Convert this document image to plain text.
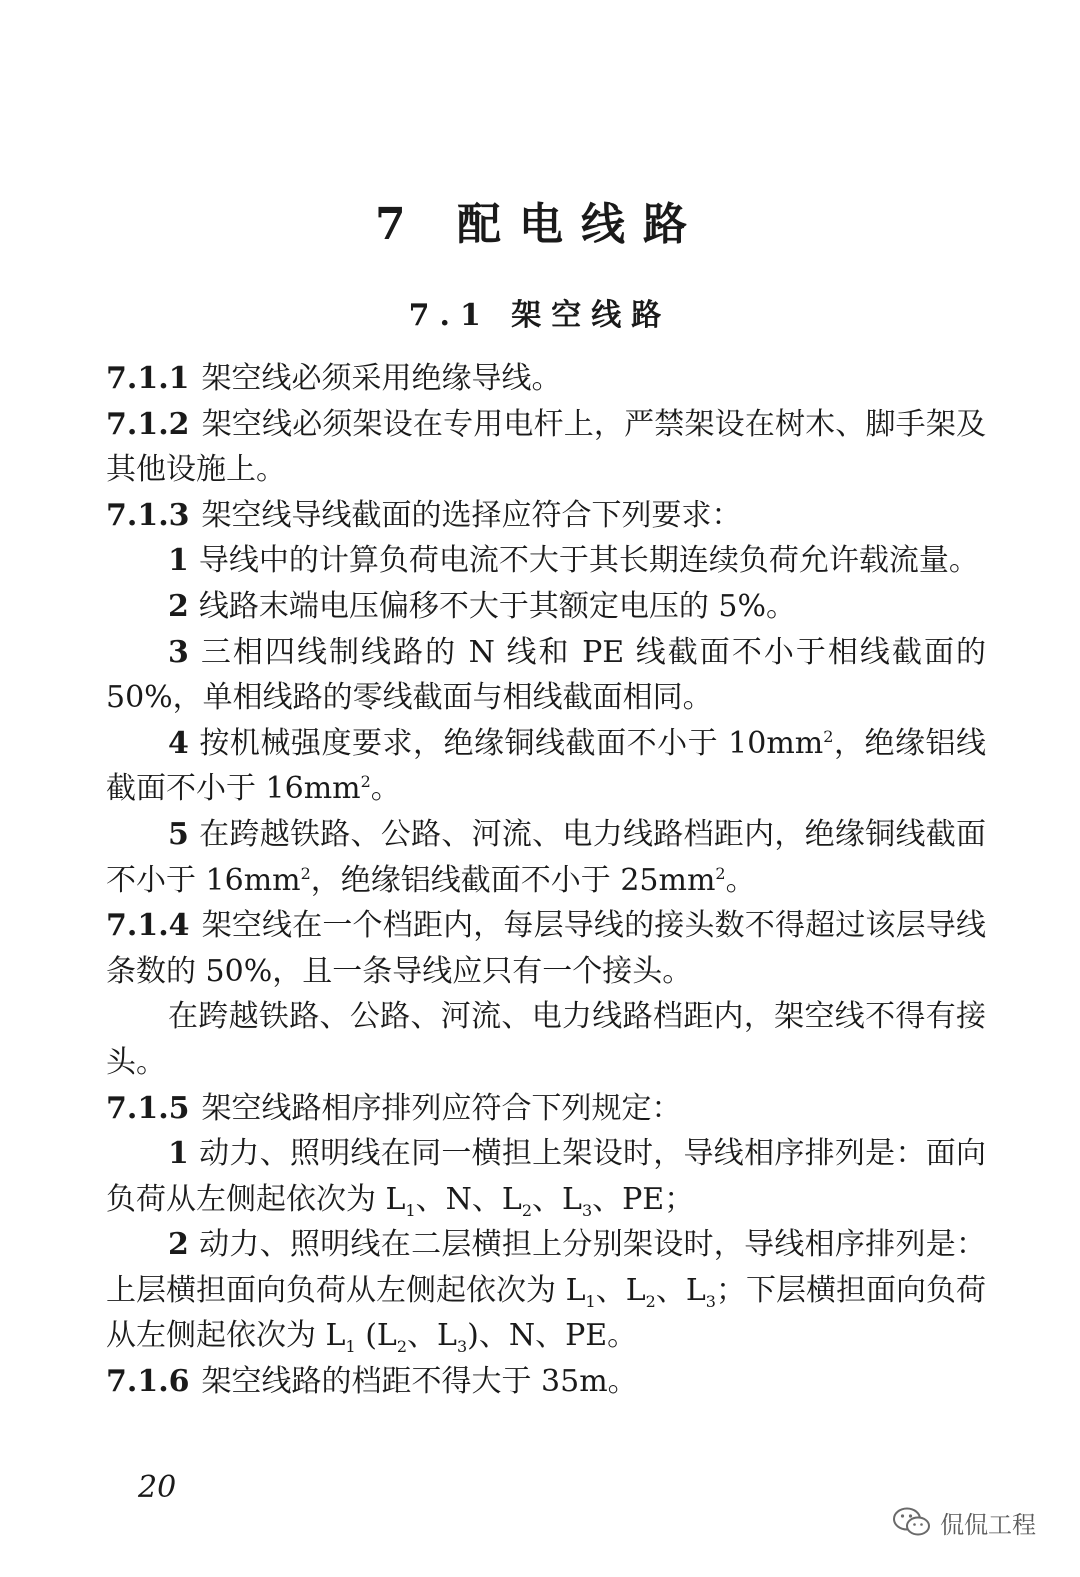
7 配电线路
7.1 架空线路

7.1.1 架空线必须采用绝缘导线。

7.1.2 架空线必须架设在专用电杆上，严禁架设在树木、脚手架及其他设施上。

7.1.3 架空线导线截面的选择应符合下列要求：

1 导线中的计算负荷电流不大于其长期连续负荷允许载流量。

2 线路末端电压偏移不大于其额定电压的 5%。

3 三相四线制线路的 N 线和 PE 线截面不小于相线截面的 50%，单相线路的零线截面与相线截面相同。

4 按机械强度要求，绝缘铜线截面不小于 $10mm^2$，绝缘铝线截面不小于 $16mm^2$。

5 在跨越铁路、公路、河流、电力线路档距内，绝缘铜线截面不小于 $16mm^2$，绝缘铝线截面不小于 $25mm^2$。

7.1.4 架空线在一个档距内，每层导线的接头数不得超过该层导线条数的 50%，且一条导线应只有一个接头。

在跨越铁路、公路、河流、电力线路档距内，架空线不得有接头。

7.1.5 架空线路相序排列应符合下列规定：

1 动力、照明线在同一横担上架设时，导线相序排列是：面向负荷从左侧起依次为 $L_1$、N、$L_2$、$L_3$、PE；

2 动力、照明线在二层横担上分别架设时，导线相序排列是：上层横担面向负荷从左侧起依次为 $L_1$、$L_2$、$L_3$；下层横担面向负荷从左侧起依次为 $L_1$ ($L_2$、$L_3$)、N、PE。

7.1.6 架空线路的档距不得大于 35m。

20
侃侃工程
